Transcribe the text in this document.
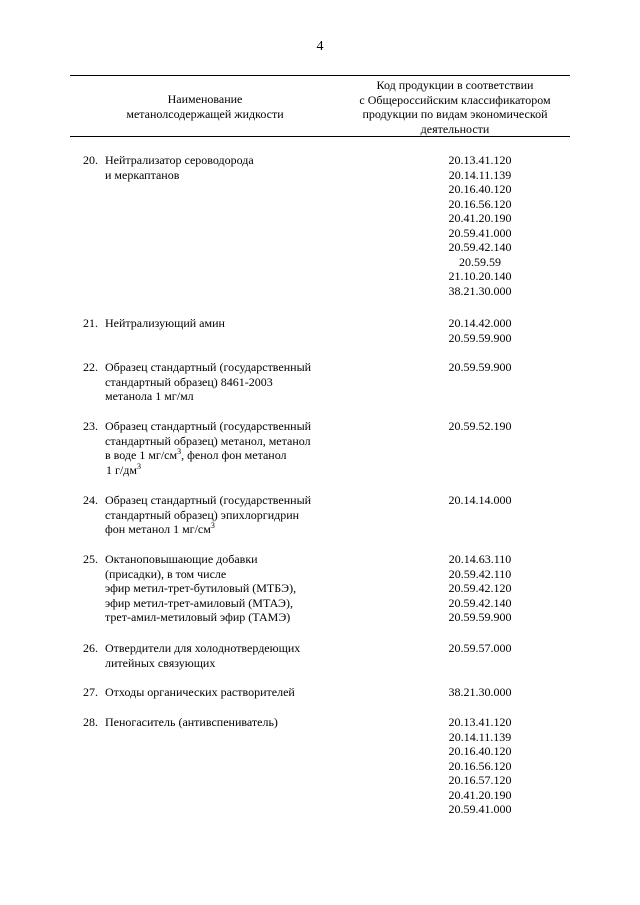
4
Наименование
метанолсодержащей жидкости
Код продукции в соответствии
с Общероссийским классификатором
продукции по видам экономической
деятельности
20. Нейтрализатор сероводорода
и меркаптанов
20.13.41.120
20.14.11.139
20.16.40.120
20.16.56.120
20.41.20.190
20.59.41.000
20.59.42.140
20.59.59
21.10.20.140
38.21.30.000
21. Нейтрализующий амин	20.14.42.000
20.59.59.900
22. Образец стандартный (государственный
стандартный образец) 8461-2003
метанола 1 мг/мл
20.59.59.900
23. Образец стандартный (государственный
стандартный образец) метанол, метанол
в воде 1 $мг/см^3$, фенол фон метанол
1 $г/дм^3$
20.59.52.190
24. Образец стандартный (государственный
стандартный образец) эпихлоргидрин
фон метанол 1 $мг/см^3$
20.14.14.000
25. Октаноповышающие добавки
(присадки), в том числе
эфир метил-трет-бутиловый (МТБЭ),
эфир метил-трет-амиловый (МТАЭ),
трет-амил-метиловый эфир (ТАМЭ)
20.14.63.110
20.59.42.110
20.59.42.120
20.59.42.140
20.59.59.900
26. Отвердители для холоднотвердеющих
литейных связующих
20.59.57.000
27. Отходы органических растворителей	38.21.30.000
28. Пеногаситель (антивспениватель)	20.13.41.120
20.14.11.139
20.16.40.120
20.16.56.120
20.16.57.120
20.41.20.190
20.59.41.000
